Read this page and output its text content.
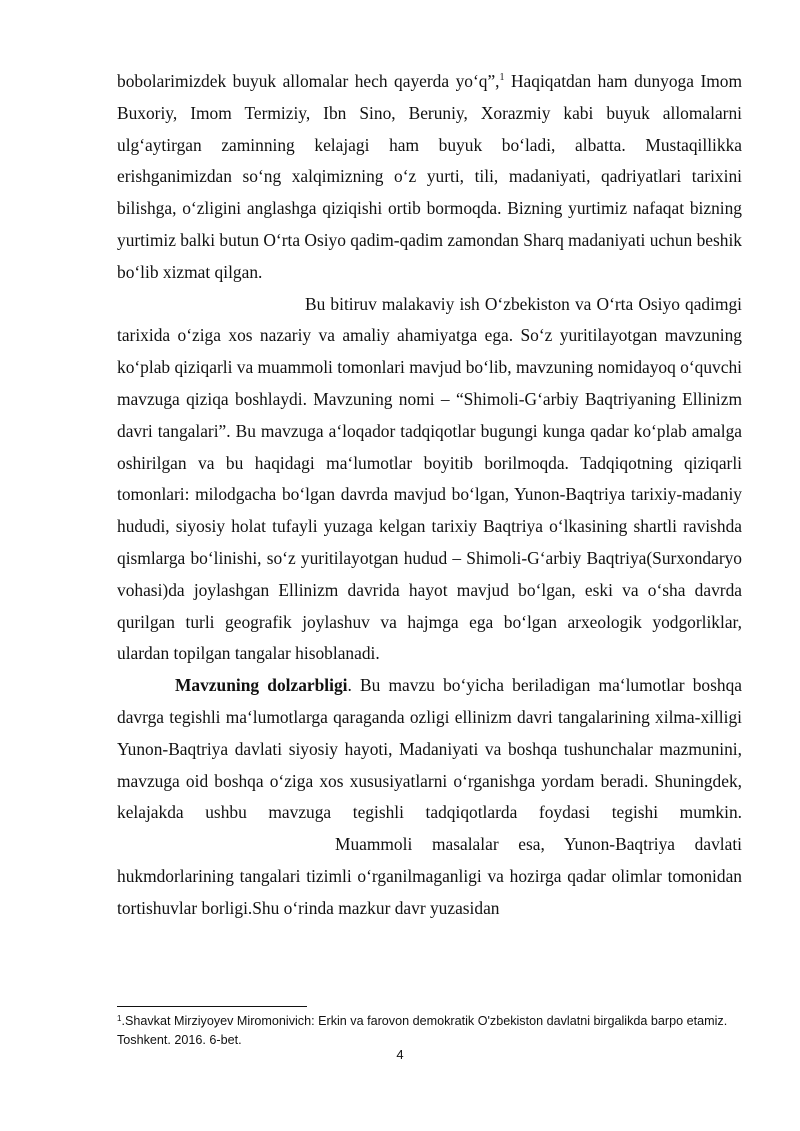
bobolarimizdek buyuk allomalar hech qayerda yo‘q”,$^1$ Haqiqatdan ham dunyoga Imom Buxoriy, Imom Termiziy, Ibn Sino, Beruniy, Xorazmiy kabi buyuk allomalarni ulg‘aytirgan zaminning kelajagi ham buyuk bo‘ladi, albatta. Mustaqillikka erishganimizdan so‘ng xalqimizning o‘z yurti, tili, madaniyati, qadriyatlari tarixini bilishga, o‘zligini anglashga qiziqishi ortib bormoqda. Bizning yurtimiz nafaqat bizning yurtimiz balki butun O‘rta Osiyo qadim-qadim zamondan Sharq madaniyati uchun beshik bo‘lib xizmat qilgan.

Bu bitiruv malakaviy ish O‘zbekiston va O‘rta Osiyo qadimgi tarixida o‘ziga xos nazariy va amaliy ahamiyatga ega. So‘z yuritilayotgan mavzuning ko‘plab qiziqarli va muammoli tomonlari mavjud bo‘lib, mavzuning nomidayoq o‘quvchi mavzuga qiziqa boshlaydi. Mavzuning nomi – “Shimoli-G‘arbiy Baqtriyaning Ellinizm davri tangalari”. Bu mavzuga a‘loqador tadqiqotlar bugungi kunga qadar ko‘plab amalga oshirilgan va bu haqidagi ma‘lumotlar boyitib borilmoqda. Tadqiqotning qiziqarli tomonlari: milodgacha bo‘lgan davrda mavjud bo‘lgan, Yunon-Baqtriya tarixiy-madaniy hududi, siyosiy holat tufayli yuzaga kelgan tarixiy Baqtriya o‘lkasining shartli ravishda qismlarga bo‘linishi, so‘z yuritilayotgan hudud – Shimoli-G‘arbiy Baqtriya(Surxondaryo vohasi)da joylashgan Ellinizm davrida hayot mavjud bo‘lgan, eski va o‘sha davrda qurilgan turli geografik joylashuv va hajmga ega bo‘lgan arxeologik yodgorliklar, ulardan topilgan tangalar hisoblanadi.

Mavzuning dolzarbligi. Bu mavzu bo‘yicha beriladigan ma‘lumotlar boshqa davrga tegishli ma‘lumotlarga qaraganda ozligi ellinizm davri tangalarining xilma-xilligi Yunon-Baqtriya davlati siyosiy hayoti, Madaniyati va boshqa tushunchalar mazmunini, mavzuga oid boshqa o‘ziga xos xususiyatlarni o‘rganishga yordam beradi. Shuningdek, kelajakda ushbu mavzuga tegishli tadqiqotlarda foydasi tegishi mumkin.Muammoli masalalar esa, Yunon-Baqtriya davlati hukmdorlarining tangalari tizimli o‘rganilmaganligi va hozirga qadar olimlar tomonidan tortishuvlar borligi.Shu o‘rinda mazkur davr yuzasidan

$^1$.Shavkat Mirziyoyev Miromonivich: Erkin va farovon demokratik O'zbekiston davlatni birgalikda barpo etamiz. Toshkent. 2016. 6-bet.
4
